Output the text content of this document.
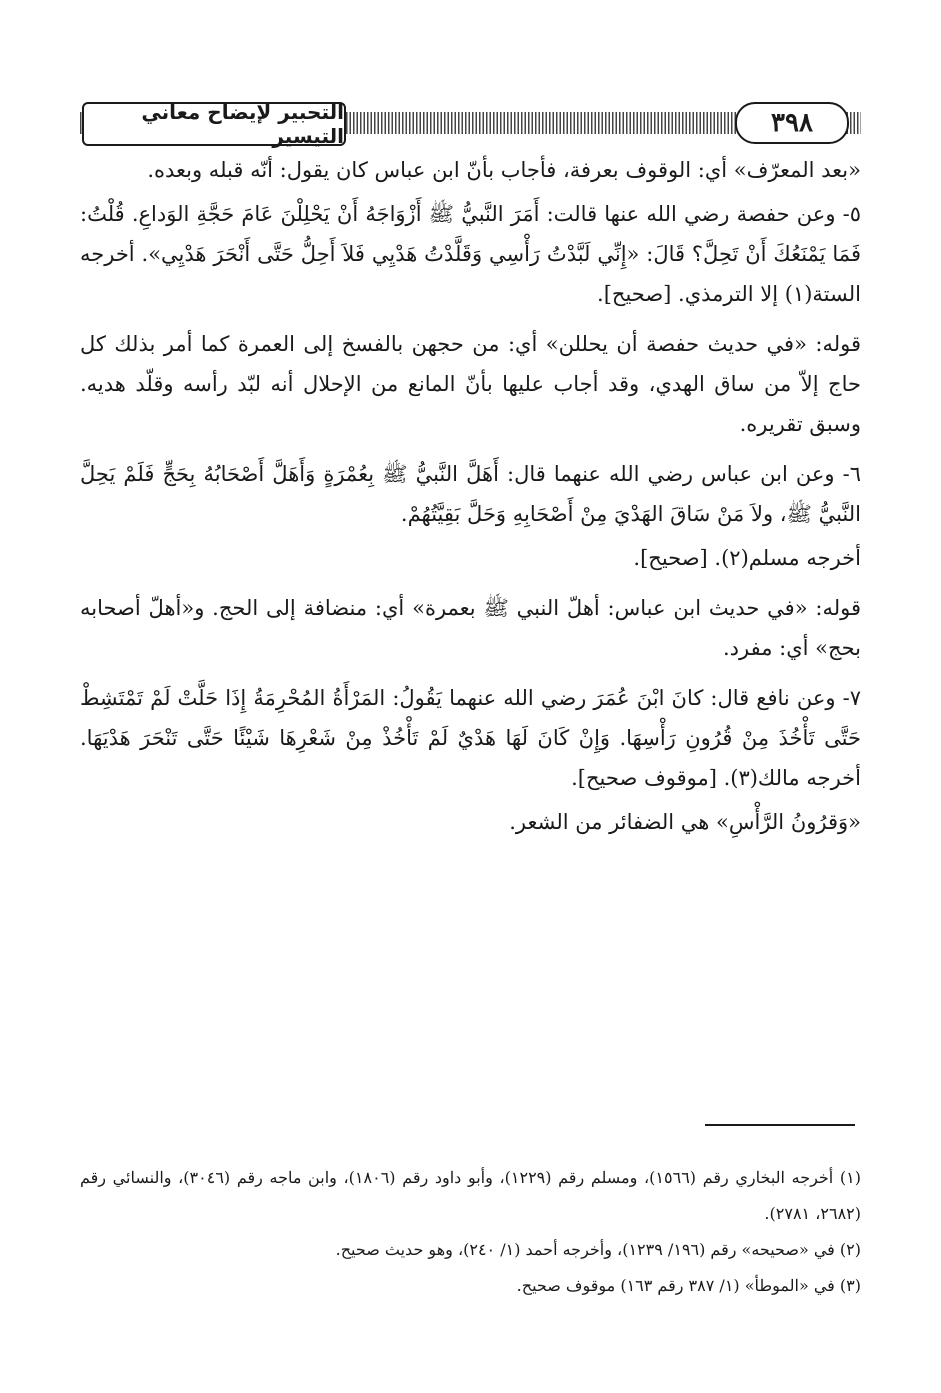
٣٩٨
التحبير لإيضاح معاني التيسير

«بعد المعرّف» أي: الوقوف بعرفة، فأجاب بأنّ ابن عباس كان يقول: أنّه قبله وبعده.

٥- وعن حفصة رضي الله عنها قالت: أَمَرَ النَّبيُّ ﷺ أَزْوَاجَهُ أَنْ يَحْلِلْنَ عَامَ حَجَّةِ الوَداعِ. قُلْتُ: فَمَا يَمْنَعُكَ أَنْ تَحِلَّ؟ قَالَ: «إِنِّي لَبَّدْتُ رَأْسِي وَقَلَّدْتُ هَدْيِي فَلاَ أَحِلُّ حَتَّى أَنْحَرَ هَدْيِي». أخرجه الستة(١) إلا الترمذي. [صحيح].

قوله: «في حديث حفصة أن يحللن» أي: من حجهن بالفسخ إلى العمرة كما أمر بذلك كل حاج إلاّ من ساق الهدي، وقد أجاب عليها بأنّ المانع من الإحلال أنه لبّد رأسه وقلّد هديه. وسبق تقريره.

٦- وعن ابن عباس رضي الله عنهما قال: أَهَلَّ النَّبيُّ ﷺ بِعُمْرَةٍ وَأَهَلَّ أَصْحَابُهُ بِحَجٍّ فَلَمْ يَحِلَّ النَّبيُّ ﷺ، ولاَ مَنْ سَاقَ الهَدْيَ مِنْ أَصْحَابِهِ وَحَلَّ بَقِيَّتُهُمْ.

أخرجه مسلم(٢). [صحيح].

قوله: «في حديث ابن عباس: أهلّ النبي ﷺ بعمرة» أي: منضافة إلى الحج. و«أهلّ أصحابه بحج» أي: مفرد.

٧- وعن نافع قال: كانَ ابْنَ عُمَرَ رضي الله عنهما يَقُولُ: المَرْأَةُ المُحْرِمَةُ إِذَا حَلَّتْ لَمْ تَمْتَشِطْ حَتَّى تَأْخُذَ مِنْ قُرُونِ رَأْسِهَا. وَإِنْ كَانَ لَهَا هَدْيٌ لَمْ تَأْخُذْ مِنْ شَعْرِهَا شَيْئًا حَتَّى تَنْحَرَ هَدْيَهَا. أخرجه مالك(٣). [موقوف صحيح].

«وَقرُونُ الرَّأْسِ» هي الضفائر من الشعر.

(١) أخرجه البخاري رقم (١٥٦٦)، ومسلم رقم (١٢٢٩)، وأبو داود رقم (١٨٠٦)، وابن ماجه رقم (٣٠٤٦)، والنسائي رقم (٢٦٨٢، ٢٧٨١).

(٢) في «صحيحه» رقم (١٩٦/ ١٢٣٩)، وأخرجه أحمد (١/ ٢٤٠)، وهو حديث صحيح.

(٣) في «الموطأ» (١/ ٣٨٧ رقم ١٦٣) موقوف صحيح.
